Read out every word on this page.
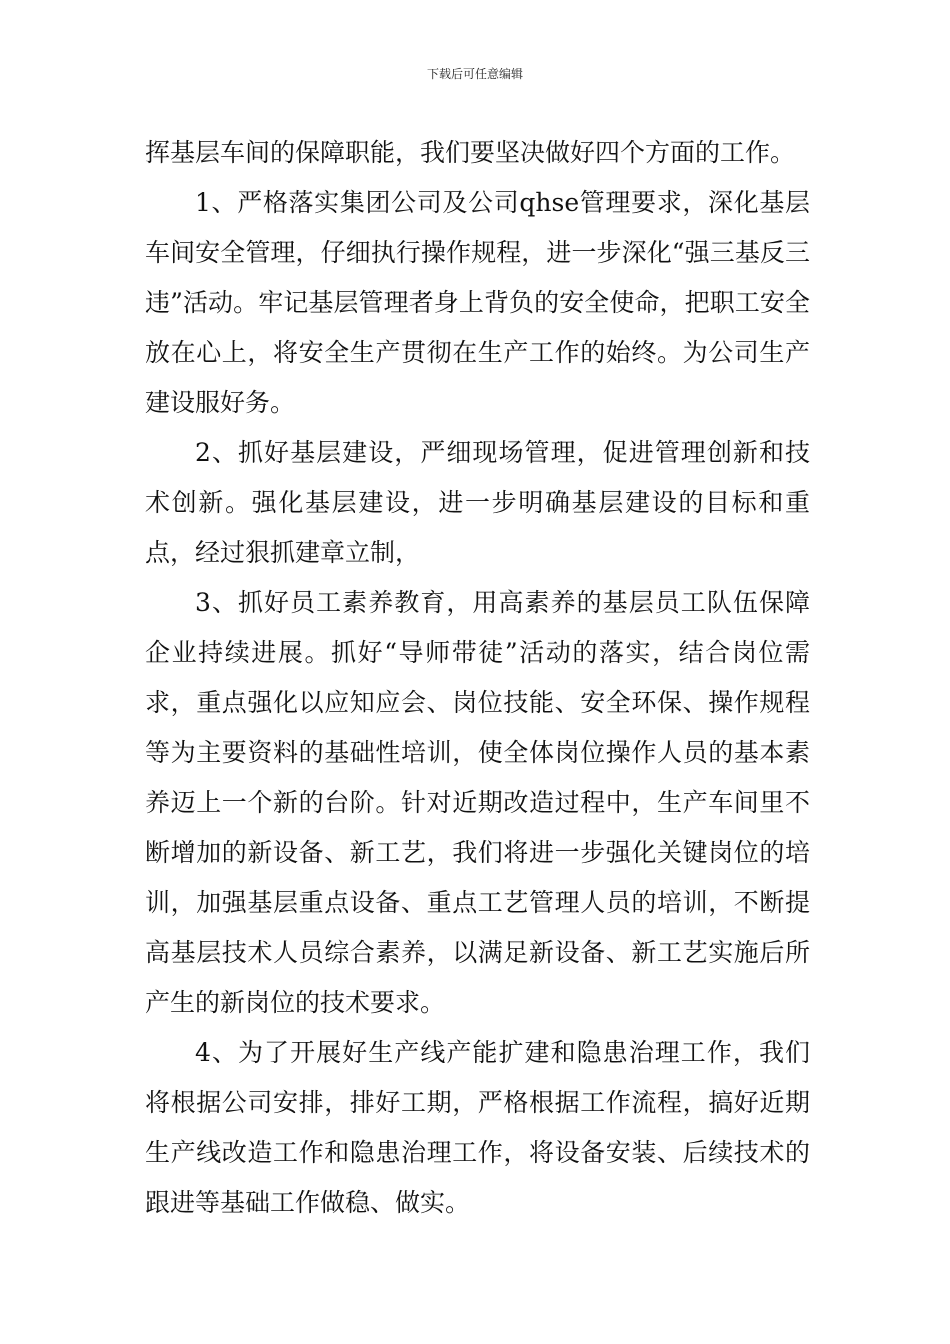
下载后可任意编辑

挥基层车间的保障职能，我们要坚决做好四个方面的工作。

1、严格落实集团公司及公司qhse管理要求，深化基层车间安全管理，仔细执行操作规程，进一步深化“强三基反三违”活动。牢记基层管理者身上背负的安全使命，把职工安全放在心上，将安全生产贯彻在生产工作的始终。为公司生产建设服好务。

2、抓好基层建设，严细现场管理，促进管理创新和技术创新。强化基层建设，进一步明确基层建设的目标和重点，经过狠抓建章立制，

3、抓好员工素养教育，用高素养的基层员工队伍保障企业持续进展。抓好“导师带徒”活动的落实，结合岗位需求，重点强化以应知应会、岗位技能、安全环保、操作规程等为主要资料的基础性培训，使全体岗位操作人员的基本素养迈上一个新的台阶。针对近期改造过程中，生产车间里不断增加的新设备、新工艺，我们将进一步强化关键岗位的培训，加强基层重点设备、重点工艺管理人员的培训，不断提高基层技术人员综合素养，以满足新设备、新工艺实施后所产生的新岗位的技术要求。

4、为了开展好生产线产能扩建和隐患治理工作，我们将根据公司安排，排好工期，严格根据工作流程，搞好近期生产线改造工作和隐患治理工作，将设备安装、后续技术的跟进等基础工作做稳、做实。
